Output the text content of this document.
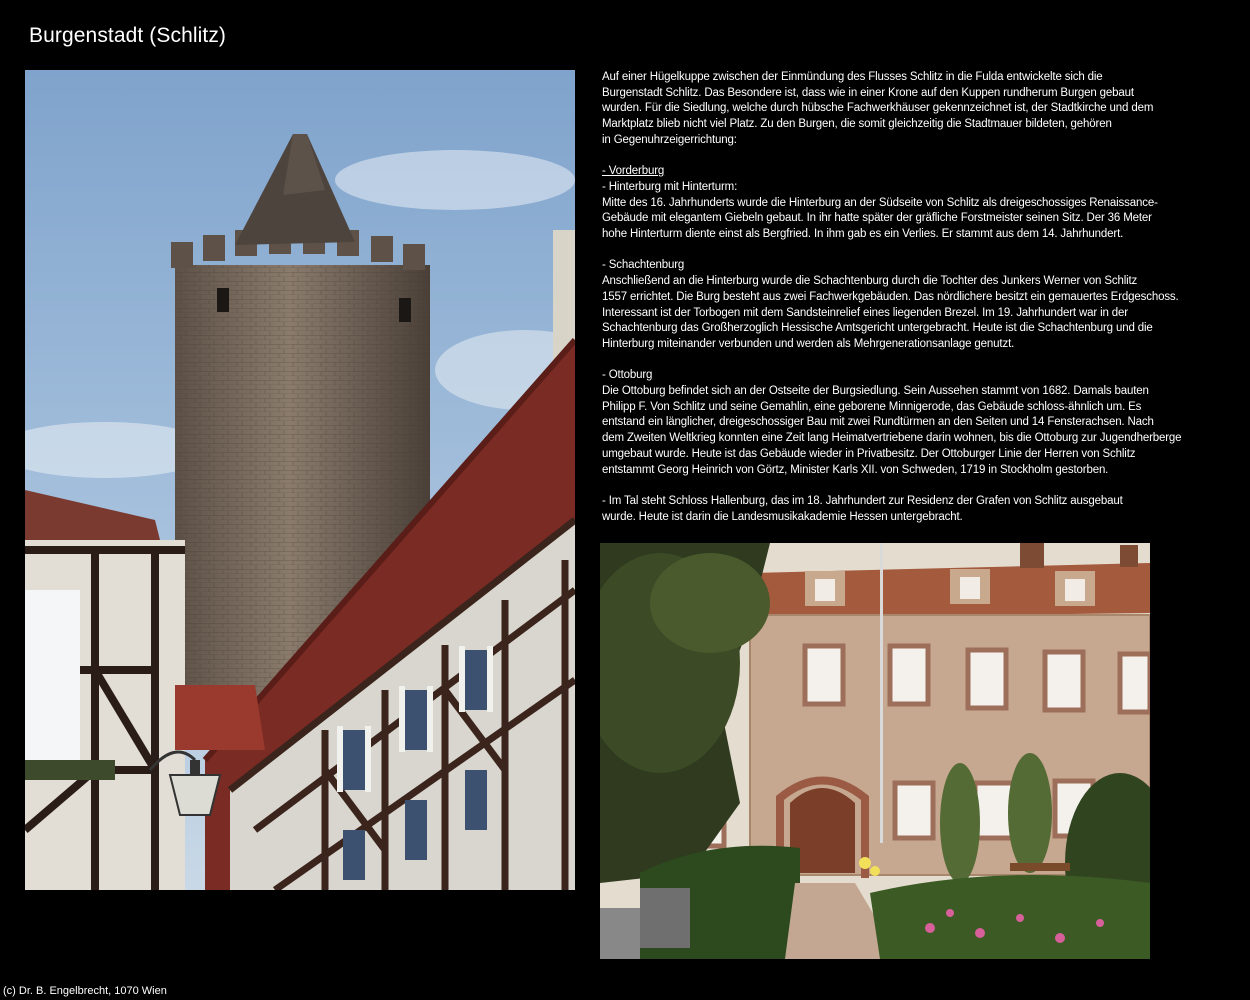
Burgenstadt (Schlitz)

Auf einer Hügelkuppe zwischen der Einmündung des Flusses Schlitz in die Fulda entwickelte sich die
Burgenstadt Schlitz. Das Besondere ist, dass wie in einer Krone auf den Kuppen rundherum Burgen gebaut
wurden. Für die Siedlung, welche durch hübsche Fachwerkhäuser gekennzeichnet ist, der Stadtkirche und dem
Marktplatz blieb nicht viel Platz. Zu den Burgen, die somit gleichzeitig die Stadtmauer bildeten, gehören
in Gegenuhrzeigerrichtung:

- Vorderburg
- Hinterburg mit Hinterturm:
Mitte des 16. Jahrhunderts wurde die Hinterburg an der Südseite von Schlitz als dreigeschossiges Renaissance-
Gebäude mit elegantem Giebeln gebaut. In ihr hatte später der gräfliche Forstmeister seinen Sitz. Der 36 Meter
hohe Hinterturm diente einst als Bergfried. In ihm gab es ein Verlies. Er stammt aus dem 14. Jahrhundert.

- Schachtenburg
Anschließend an die Hinterburg wurde die Schachtenburg durch die Tochter des Junkers Werner von Schlitz
1557 errichtet. Die Burg besteht aus zwei Fachwerkgebäuden. Das nördlichere besitzt ein gemauertes Erdgeschoss.
Interessant ist der Torbogen mit dem Sandsteinrelief eines liegenden Brezel. Im 19. Jahrhundert war in der
Schachtenburg das Großherzoglich Hessische Amtsgericht untergebracht. Heute ist die Schachtenburg und die
Hinterburg miteinander verbunden und werden als Mehrgenerationsanlage genutzt.

- Ottoburg
Die Ottoburg befindet sich an der Ostseite der Burgsiedlung. Sein Aussehen stammt von 1682. Damals bauten
Philipp F. Von Schlitz und seine Gemahlin, eine geborene Minnigerode, das Gebäude schloss-ähnlich um. Es
entstand ein länglicher, dreigeschossiger Bau mit zwei Rundtürmen an den Seiten und 14 Fensterachsen. Nach
dem Zweiten Weltkrieg konnten eine Zeit lang Heimatvertriebene darin wohnen, bis die Ottoburg zur Jugendherberge
umgebaut wurde. Heute ist das Gebäude wieder in Privatbesitz. Der Ottoburger Linie der Herren von Schlitz
entstammt Georg Heinrich von Görtz, Minister Karls XII. von Schweden, 1719 in Stockholm gestorben.

- Im Tal steht Schloss Hallenburg, das im 18. Jahrhundert zur Residenz der Grafen von Schlitz ausgebaut
wurde. Heute ist darin die Landesmusikakademie Hessen untergebracht.

(c) Dr. B. Engelbrecht, 1070 Wien
